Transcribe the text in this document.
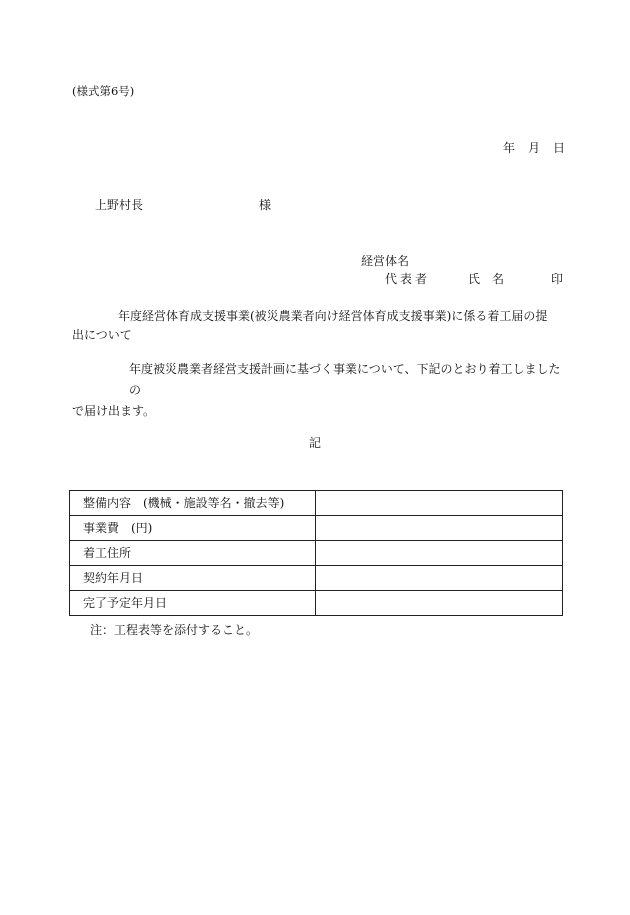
(様式第6号)
年 月 日
上野村長	様
経営体名
代表者	氏　名	印
年度経営体育成支援事業(被災農業者向け経営体育成支援事業)に係る着工届の提
出について
年度被災農業者経営支援計画に基づく事業について、下記のとおり着工しましたの
で届け出ます。
記
整備内容　(機械・施設等名・撤去等)	
事業費　(円)	
着工住所	
契約年月日	
完了予定年月日	
注：工程表等を添付すること。
